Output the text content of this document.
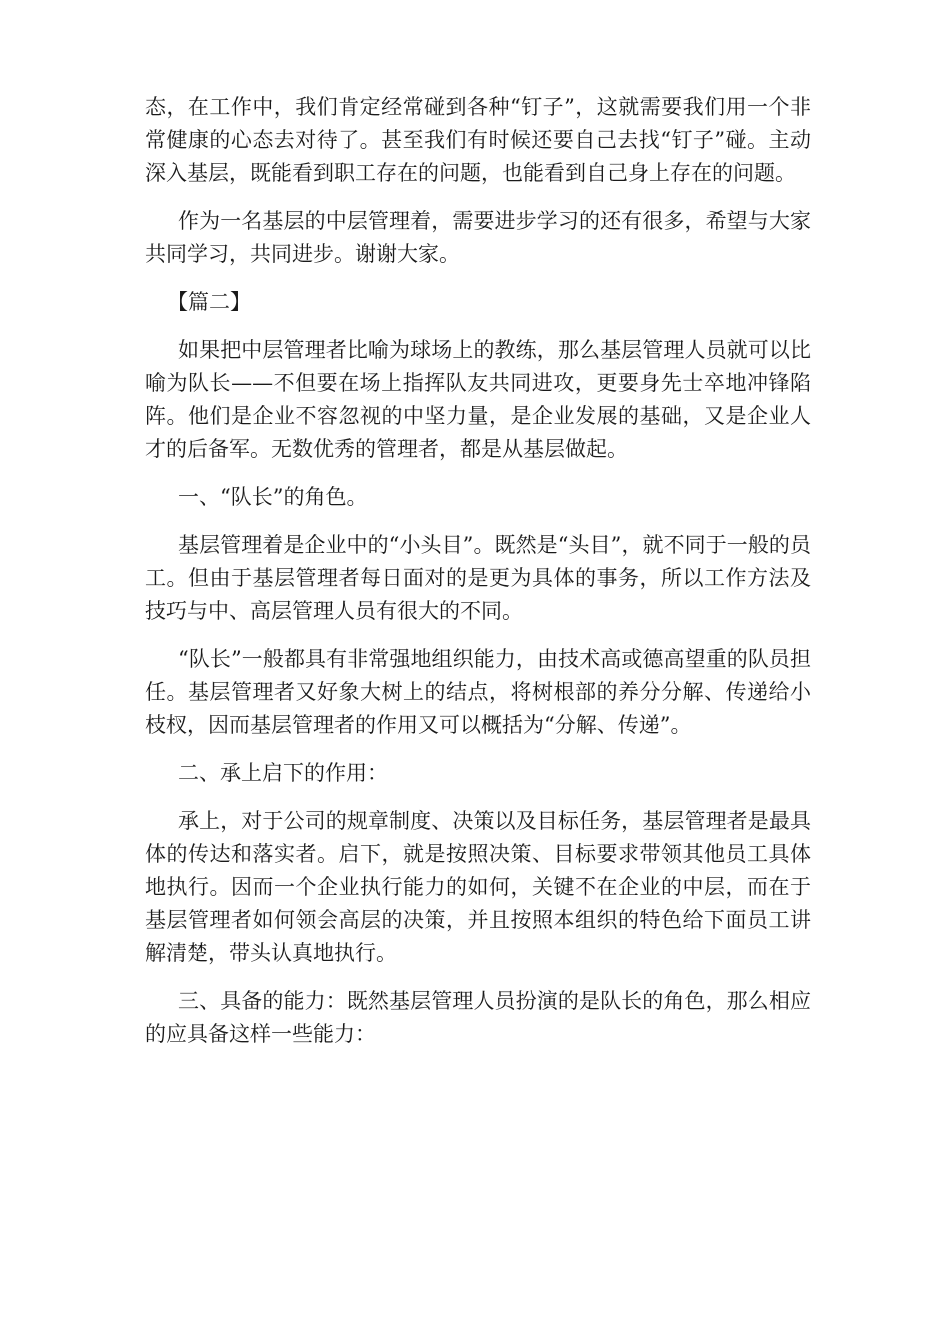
态，在工作中，我们肯定经常碰到各种“钉子”，这就需要我们用一个非常健康的心态去对待了。甚至我们有时候还要自己去找“钉子”碰。主动深入基层，既能看到职工存在的问题，也能看到自己身上存在的问题。

作为一名基层的中层管理着，需要进步学习的还有很多，希望与大家共同学习，共同进步。谢谢大家。

【篇二】

如果把中层管理者比喻为球场上的教练，那么基层管理人员就可以比喻为队长——不但要在场上指挥队友共同进攻，更要身先士卒地冲锋陷阵。他们是企业不容忽视的中坚力量，是企业发展的基础，又是企业人才的后备军。无数优秀的管理者，都是从基层做起。

一、“队长”的角色。

基层管理着是企业中的“小头目”。既然是“头目”，就不同于一般的员工。但由于基层管理者每日面对的是更为具体的事务，所以工作方法及技巧与中、高层管理人员有很大的不同。

“队长”一般都具有非常强地组织能力，由技术高或德高望重的队员担任。基层管理者又好象大树上的结点，将树根部的养分分解、传递给小枝杈，因而基层管理者的作用又可以概括为“分解、传递”。

二、承上启下的作用：

承上，对于公司的规章制度、决策以及目标任务，基层管理者是最具体的传达和落实者。启下，就是按照决策、目标要求带领其他员工具体地执行。因而一个企业执行能力的如何，关键不在企业的中层，而在于基层管理者如何领会高层的决策，并且按照本组织的特色给下面员工讲解清楚，带头认真地执行。

三、具备的能力：既然基层管理人员扮演的是队长的角色，那么相应的应具备这样一些能力：
